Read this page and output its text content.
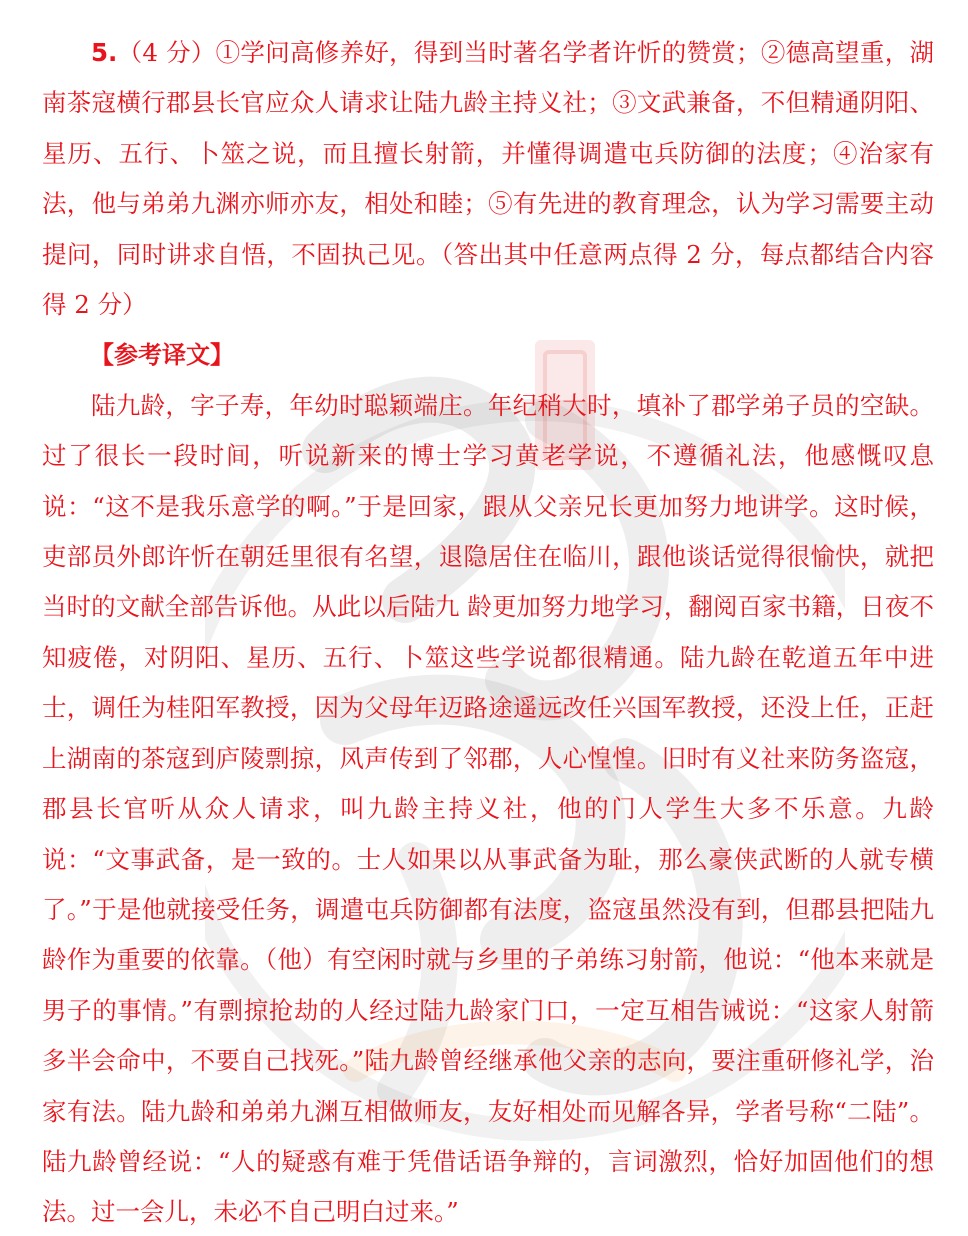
5.（4 分）①学问高修养好，得到当时著名学者许忻的赞赏；②德高望重，湖南茶寇横行郡县长官应众人请求让陆九龄主持义社；③文武兼备，不但精通阴阳、星历、五行、卜筮之说，而且擅长射箭，并懂得调遣屯兵防御的法度；④治家有法，他与弟弟九渊亦师亦友，相处和睦；⑤有先进的教育理念，认为学习需要主动提问，同时讲求自悟，不固执己见。（答出其中任意两点得 2 分，每点都结合内容得 2 分）

【参考译文】

陆九龄，字子寿，年幼时聪颖端庄。年纪稍大时，填补了郡学弟子员的空缺。过了很长一段时间，听说新来的博士学习黄老学说，不遵循礼法，他感慨叹息说：“这不是我乐意学的啊。”于是回家，跟从父亲兄长更加努力地讲学。这时候，吏部员外郎许忻在朝廷里很有名望，退隐居住在临川，跟他谈话觉得很愉快，就把当时的文献全部告诉他。从此以后陆九 龄更加努力地学习，翻阅百家书籍，日夜不知疲倦，对阴阳、星历、五行、卜筮这些学说都很精通。陆九龄在乾道五年中进士，调任为桂阳军教授，因为父母年迈路途遥远改任兴国军教授，还没上任，正赶上湖南的茶寇到庐陵剽掠，风声传到了邻郡，人心惶惶。旧时有义社来防务盗寇，郡县长官听从众人请求，叫九龄主持义社，他的门人学生大多不乐意。九龄说：“文事武备，是一致的。士人如果以从事武备为耻，那么豪侠武断的人就专横了。”于是他就接受任务，调遣屯兵防御都有法度，盗寇虽然没有到，但郡县把陆九龄作为重要的依靠。（他）有空闲时就与乡里的子弟练习射箭，他说：“他本来就是男子的事情。”有剽掠抢劫的人经过陆九龄家门口，一定互相告诫说：“这家人射箭多半会命中，不要自己找死。”陆九龄曾经继承他父亲的志向，要注重研修礼学，治家有法。陆九龄和弟弟九渊互相做师友，友好相处而见解各异，学者号称“二陆”。陆九龄曾经说：“人的疑惑有难于凭借话语争辩的，言词激烈，恰好加固他们的想法。过一会儿，未必不自己明白过来。”
